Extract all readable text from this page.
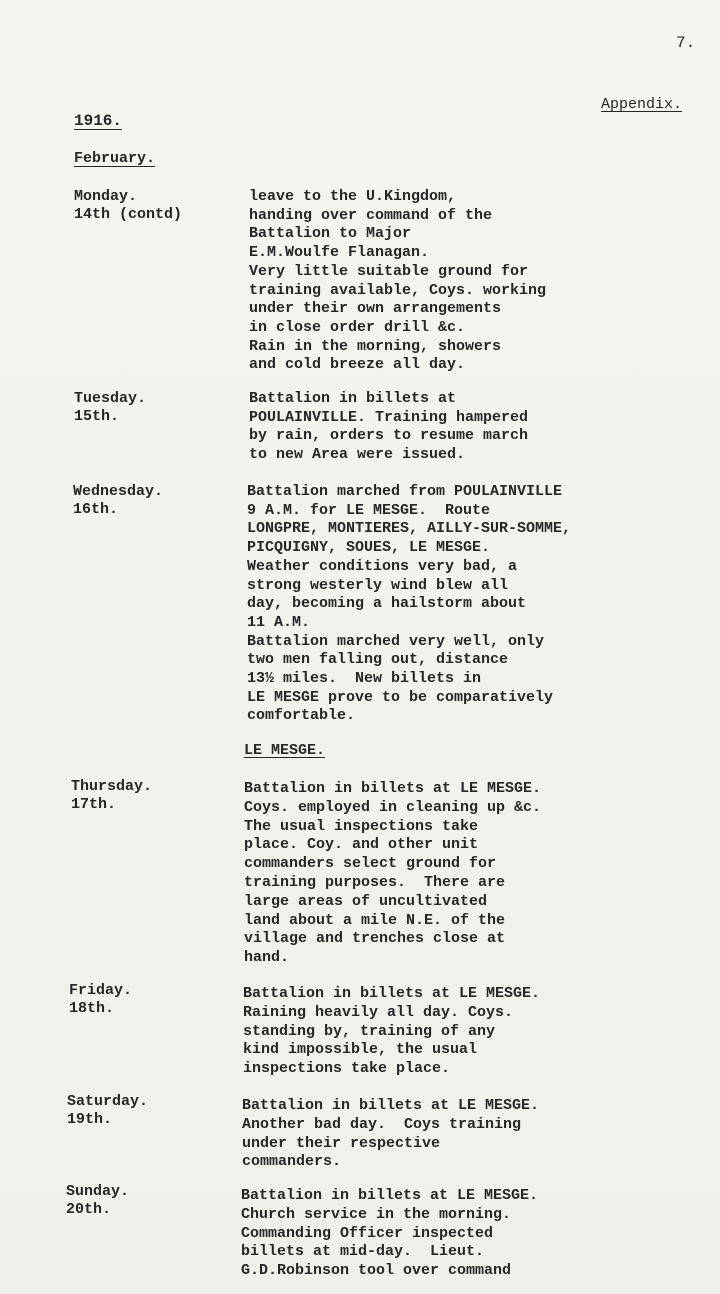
7.
Appendix.
1916.
February.
LE MESGE.
Monday.
14th (contd)
leave to the U.Kingdom,
handing over command of the
Battalion to Major
E.M.Woulfe Flanagan.
Very little suitable ground for
training available, Coys. working
under their own arrangements
in close order drill &c.
Rain in the morning, showers
and cold breeze all day.
Tuesday.
15th.
Battalion in billets at
POULAINVILLE. Training hampered
by rain, orders to resume march
to new Area were issued.
Wednesday.
16th.
Battalion marched from POULAINVILLE
9 A.M. for LE MESGE.  Route
LONGPRE, MONTIERES, AILLY-SUR-SOMME,
PICQUIGNY, SOUES, LE MESGE.
Weather conditions very bad, a
strong westerly wind blew all
day, becoming a hailstorm about
11 A.M.
Battalion marched very well, only
two men falling out, distance
13½ miles.  New billets in
LE MESGE prove to be comparatively
comfortable.
Thursday.
17th.
Battalion in billets at LE MESGE.
Coys. employed in cleaning up &c.
The usual inspections take
place. Coy. and other unit
commanders select ground for
training purposes.  There are
large areas of uncultivated
land about a mile N.E. of the
village and trenches close at
hand.
Friday.
18th.
Battalion in billets at LE MESGE.
Raining heavily all day. Coys.
standing by, training of any
kind impossible, the usual
inspections take place.
Saturday.
19th.
Battalion in billets at LE MESGE.
Another bad day.  Coys training
under their respective
commanders.
Sunday.
20th.
Battalion in billets at LE MESGE.
Church service in the morning.
Commanding Officer inspected
billets at mid-day.  Lieut.
G.D.Robinson tool over command
